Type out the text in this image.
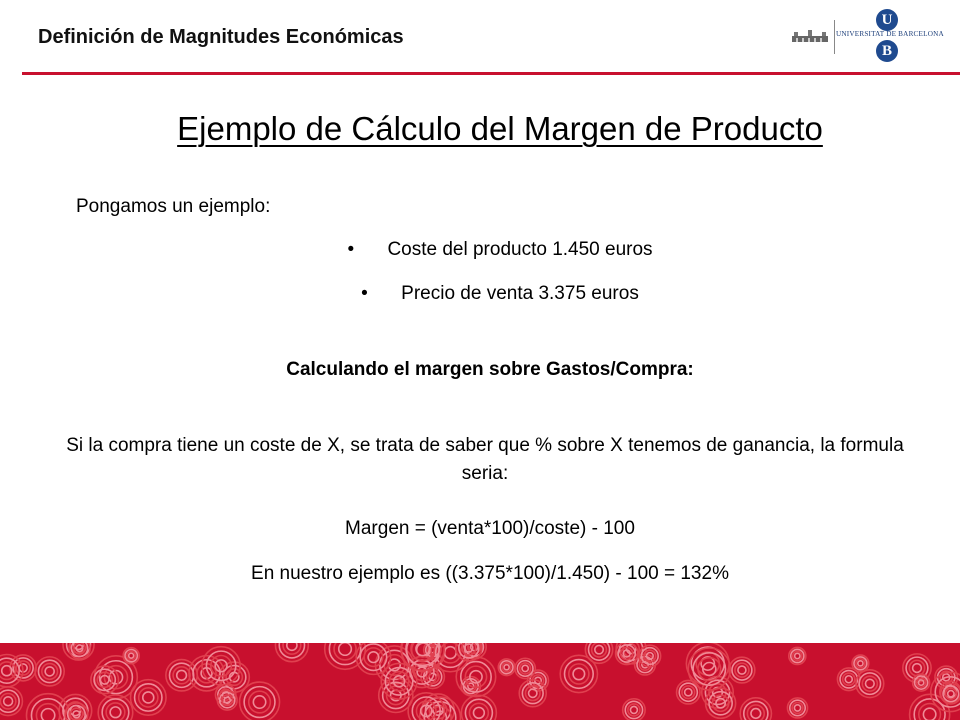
Definición de Magnitudes Económicas
U
UNIVERSITAT DE BARCELONA
B
Ejemplo de Cálculo del Margen de Producto
Pongamos un ejemplo:
• Coste del producto 1.450 euros
• Precio de venta 3.375 euros
Calculando el margen sobre Gastos/Compra:
Si la compra tiene un coste de X, se trata de saber que % sobre X tenemos de ganancia, la formula seria:
Margen = (venta*100)/coste) - 100
En nuestro ejemplo es ((3.375*100)/1.450) - 100 = 132%
